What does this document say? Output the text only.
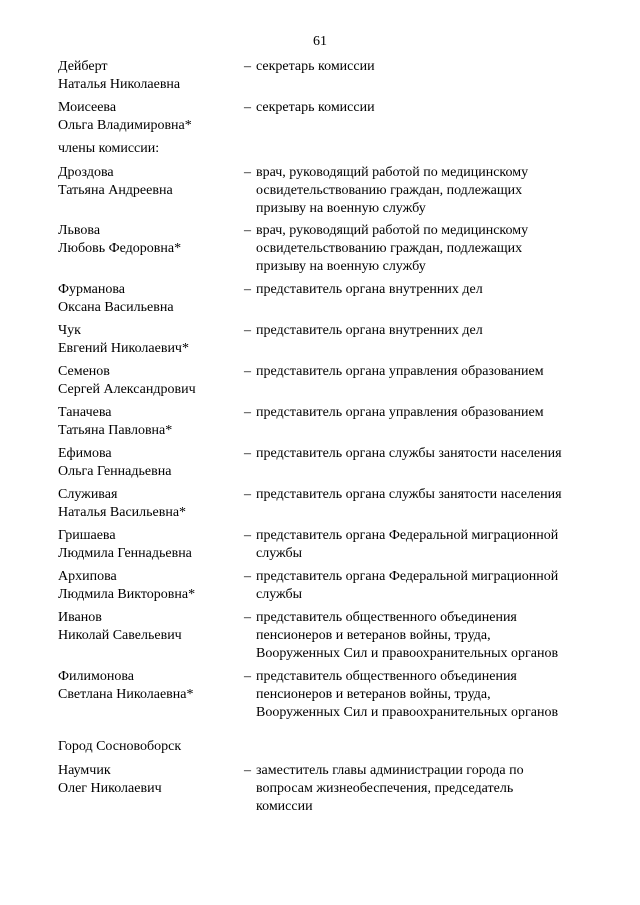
61
Дейберт
Наталья Николаевна
– секретарь комиссии
Моисеева
Ольга Владимировна*
– секретарь комиссии
члены комиссии:
Дроздова
Татьяна Андреевна
– врач, руководящий работой по медицинскому
освидетельствованию граждан, подлежащих
призыву на военную службу
Львова
Любовь Федоровна*
– врач, руководящий работой по медицинскому
освидетельствованию граждан, подлежащих
призыву на военную службу
Фурманова
Оксана Васильевна
– представитель органа внутренних дел
Чук
Евгений Николаевич*
– представитель органа внутренних дел
Семенов
Сергей Александрович
– представитель органа управления образованием
Таначева
Татьяна Павловна*
– представитель органа управления образованием
Ефимова
Ольга Геннадьевна
– представитель органа службы занятости населения
Служивая
Наталья Васильевна*
– представитель органа службы занятости населения
Гришаева
Людмила Геннадьевна
– представитель органа Федеральной миграционной
службы
Архипова
Людмила Викторовна*
– представитель органа Федеральной миграционной
службы
Иванов
Николай Савельевич
– представитель общественного объединения
пенсионеров и ветеранов войны, труда,
Вооруженных Сил и правоохранительных органов
Филимонова
Светлана Николаевна*
– представитель общественного объединения
пенсионеров и ветеранов войны, труда,
Вооруженных Сил и правоохранительных органов
Город Сосновоборск
Наумчик
Олег Николаевич
– заместитель главы администрации города по
вопросам жизнеобеспечения, председатель
комиссии
